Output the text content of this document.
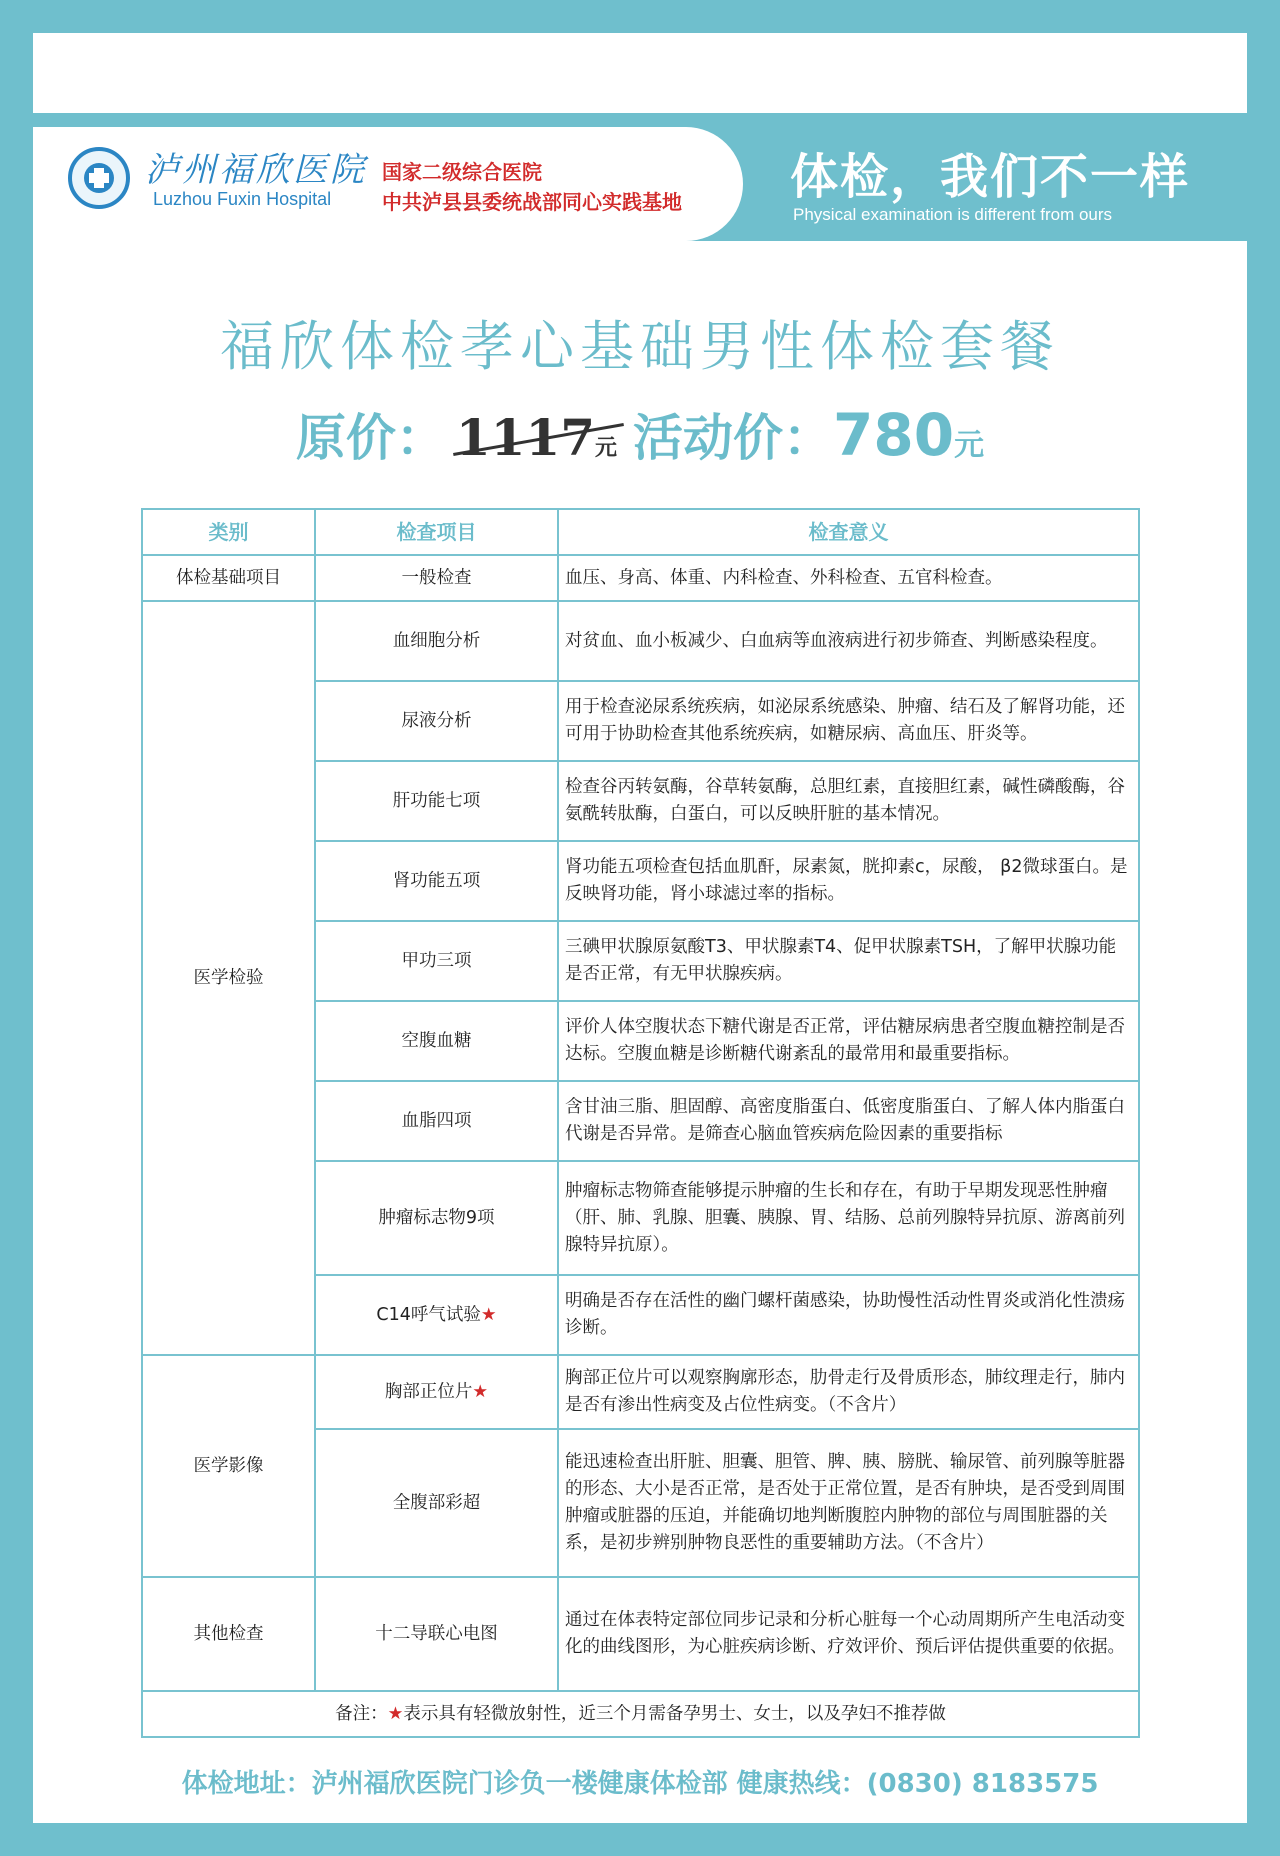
泸州福欣医院
Luzhou Fuxin Hospital
国家二级综合医院
中共泸县县委统战部同心实践基地 体检，我们不一样
Physical examination is different from ours
福欣体检孝心基础男性体检套餐
原价： 1117元 活动价：780元
类别	检查项目	检查意义
体检基础项目	一般检查	血压、身高、体重、内科检查、外科检查、五官科检查。
医学检验	血细胞分析	对贫血、血小板减少、白血病等血液病进行初步筛查、判断感染程度。
	尿液分析	用于检查泌尿系统疾病，如泌尿系统感染、肿瘤、结石及了解肾功能，还可用于协助检查其他系统疾病，如糖尿病、高血压、肝炎等。
	肝功能七项	检查谷丙转氨酶，谷草转氨酶，总胆红素，直接胆红素，碱性磷酸酶，谷氨酰转肽酶，白蛋白，可以反映肝脏的基本情况。
	肾功能五项	肾功能五项检查包括血肌酐，尿素氮，胱抑素c，尿酸， β2微球蛋白。是反映肾功能，肾小球滤过率的指标。
	甲功三项	三碘甲状腺原氨酸T3、甲状腺素T4、促甲状腺素TSH，了解甲状腺功能是否正常，有无甲状腺疾病。
	空腹血糖	评价人体空腹状态下糖代谢是否正常，评估糖尿病患者空腹血糖控制是否达标。空腹血糖是诊断糖代谢紊乱的最常用和最重要指标。
	血脂四项	含甘油三脂、胆固醇、高密度脂蛋白、低密度脂蛋白、了解人体内脂蛋白代谢是否异常。是筛查心脑血管疾病危险因素的重要指标
	肿瘤标志物9项	肿瘤标志物筛查能够提示肿瘤的生长和存在，有助于早期发现恶性肿瘤（肝、肺、乳腺、胆囊、胰腺、胃、结肠、总前列腺特异抗原、游离前列腺特异抗原）。
	C14呼气试验★	明确是否存在活性的幽门螺杆菌感染，协助慢性活动性胃炎或消化性溃疡诊断。
医学影像	胸部正位片★	胸部正位片可以观察胸廓形态，肋骨走行及骨质形态，肺纹理走行，肺内是否有渗出性病变及占位性病变。（不含片）
	全腹部彩超	能迅速检查出肝脏、胆囊、胆管、脾、胰、膀胱、输尿管、前列腺等脏器的形态、大小是否正常，是否处于正常位置，是否有肿块，是否受到周围肿瘤或脏器的压迫，并能确切地判断腹腔内肿物的部位与周围脏器的关系，是初步辨别肿物良恶性的重要辅助方法。（不含片）
其他检查	十二导联心电图	通过在体表特定部位同步记录和分析心脏每一个心动周期所产生电活动变化的曲线图形，为心脏疾病诊断、疗效评价、预后评估提供重要的依据。
备注：★表示具有轻微放射性，近三个月需备孕男士、女士，以及孕妇不推荐做		
体检地址：泸州福欣医院门诊负一楼健康体检部 健康热线：(0830) 8183575
